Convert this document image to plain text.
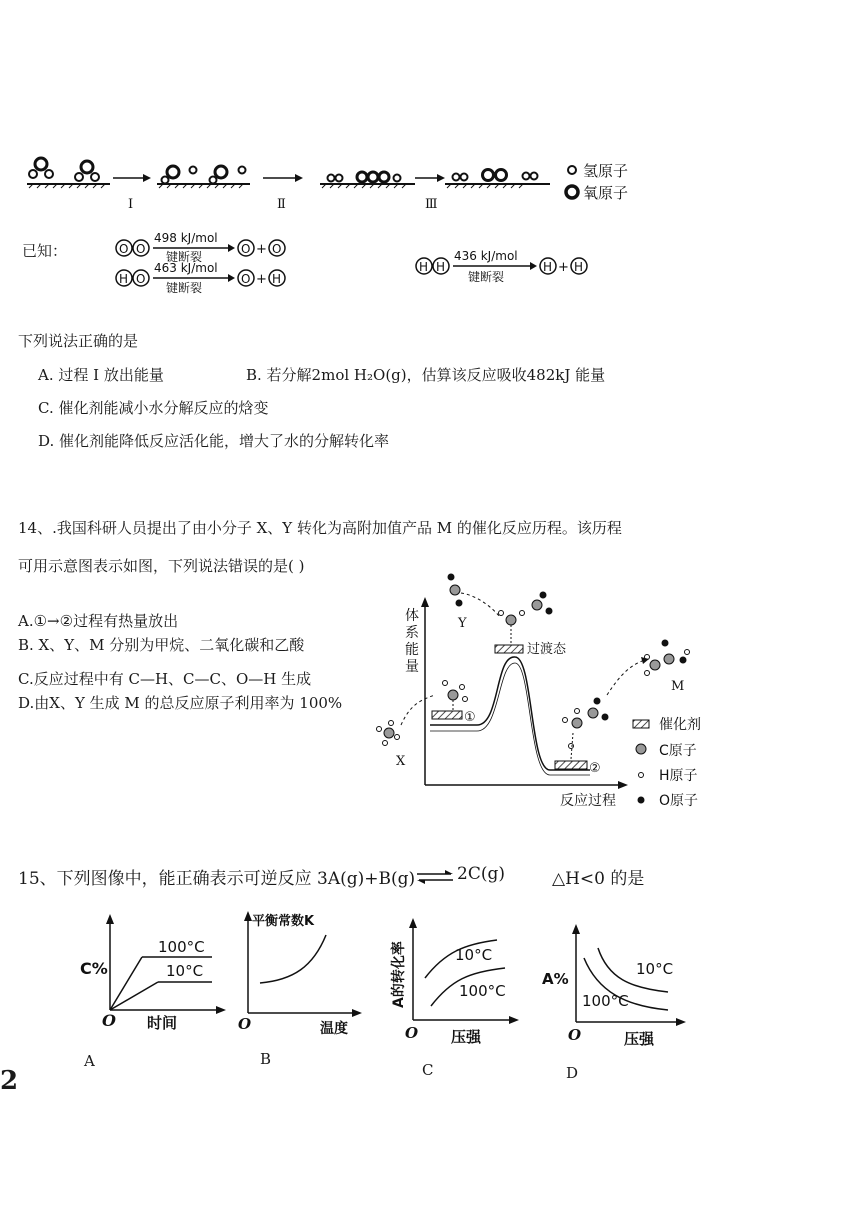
氢原子
氧原子
I	Ⅱ	Ⅲ
已知：	O O
498 kJ/mol
键断裂
O + O
H O
463 kJ/mol
键断裂
O + H
H H
436 kJ/mol
键断裂
H + H
下列说法正确的是
A. 过程 I 放出能量	B. 若分解2mol H₂O(g)，估算该反应吸收482kJ 能量
C. 催化剂能减小水分解反应的焓变
D. 催化剂能降低反应活化能，增大了水的分解转化率
14、.我国科研人员提出了由小分子 X、Y 转化为高附加值产品 M 的催化反应历程。该历程
可用示意图表示如图，下列说法错误的是( )
A.①→②过程有热量放出
B. X、Y、M 分别为甲烷、二氧化碳和乙酸
C.反应过程中有 C—H、C—C、O—H 生成
D.由X、Y 生成 M 的总反应原子利用率为 100%
体
系
能
量
反应过程
①
过渡态
②
X
Y
M
催化剂
C原子
H原子
O原子
15、下列图像中，能正确表示可逆反应 3A(g)+B(g) ⇌ 2C(g)	△H<0 的是
100°C
10°C
C%
O 时间
A
平衡常数K
O	温度
B
10°C
100°C
A的转化率
O 压强
C
10°C
100°C
A%
O	压强
D
2
